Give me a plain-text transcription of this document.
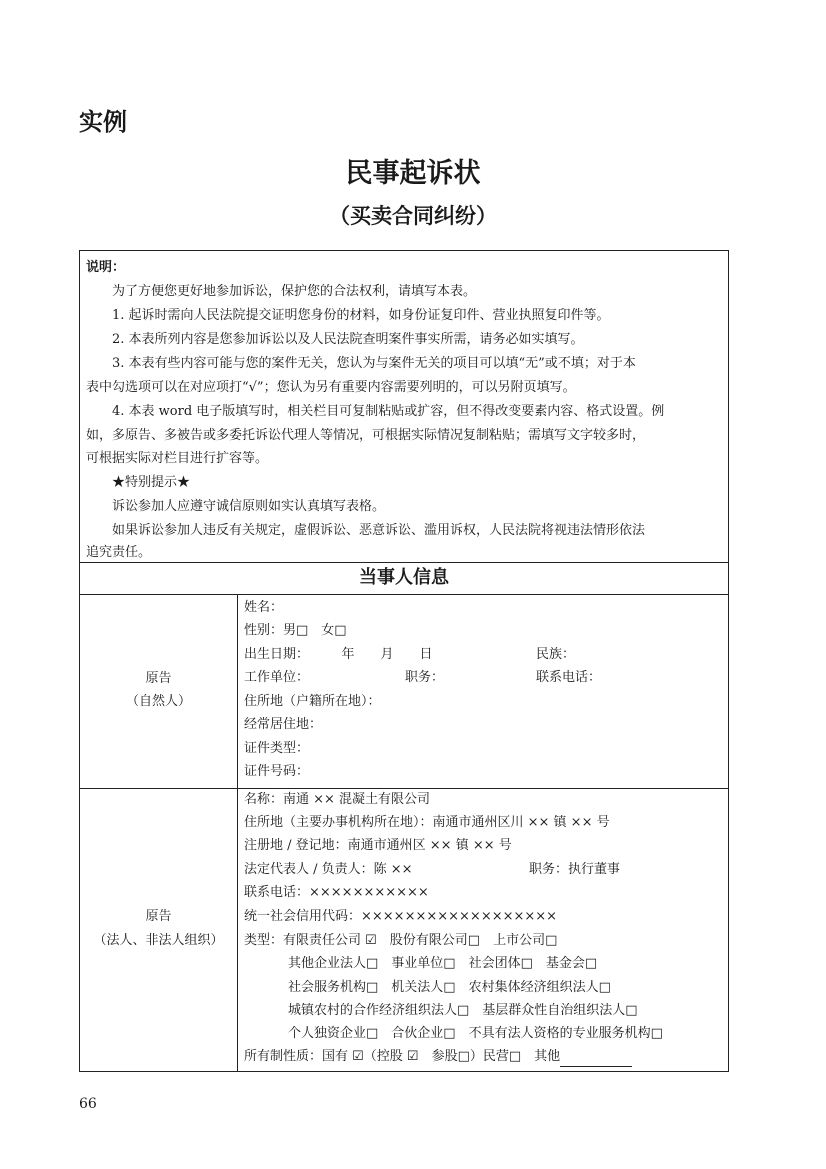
实例
民事起诉状
（买卖合同纠纷）
说明：
为了方便您更好地参加诉讼，保护您的合法权利，请填写本表。
1. 起诉时需向人民法院提交证明您身份的材料，如身份证复印件、营业执照复印件等。
2. 本表所列内容是您参加诉讼以及人民法院查明案件事实所需，请务必如实填写。
3. 本表有些内容可能与您的案件无关，您认为与案件无关的项目可以填“无”或不填；对于本
表中勾选项可以在对应项打“√”；您认为另有重要内容需要列明的，可以另附页填写。
4. 本表 word 电子版填写时，相关栏目可复制粘贴或扩容，但不得改变要素内容、格式设置。例
如，多原告、多被告或多委托诉讼代理人等情况，可根据实际情况复制粘贴；需填写文字较多时，
可根据实际对栏目进行扩容等。
★特别提示★
诉讼参加人应遵守诚信原则如实认真填写表格。
如果诉讼参加人违反有关规定，虚假诉讼、恶意诉讼、滥用诉权，人民法院将视违法情形依法
追究责任。
当事人信息
原告
（自然人）
姓名：
性别：男□　女□
出生日期：　　　年　　月　　日	民族：
工作单位：	职务：	联系电话：
住所地（户籍所在地）：
经常居住地：
证件类型：
证件号码：
原告
（法人、非法人组织）
名称：南通 ×× 混凝土有限公司
住所地（主要办事机构所在地）：南通市通州区川 ×× 镇 ×× 号
注册地 / 登记地：南通市通州区 ×× 镇 ×× 号
法定代表人 / 负责人：陈 ××	职务：执行董事
联系电话：×××××××××××
统一社会信用代码：××××××××××××××××××
类型：有限责任公司 ☑　股份有限公司□　上市公司□
其他企业法人□　事业单位□　社会团体□　基金会□
社会服务机构□　机关法人□　农村集体经济组织法人□
城镇农村的合作经济组织法人□　基层群众性自治组织法人□
个人独资企业□　合伙企业□　不具有法人资格的专业服务机构□
所有制性质：国有 ☑（控股 ☑　参股□）民营□　其他
66
